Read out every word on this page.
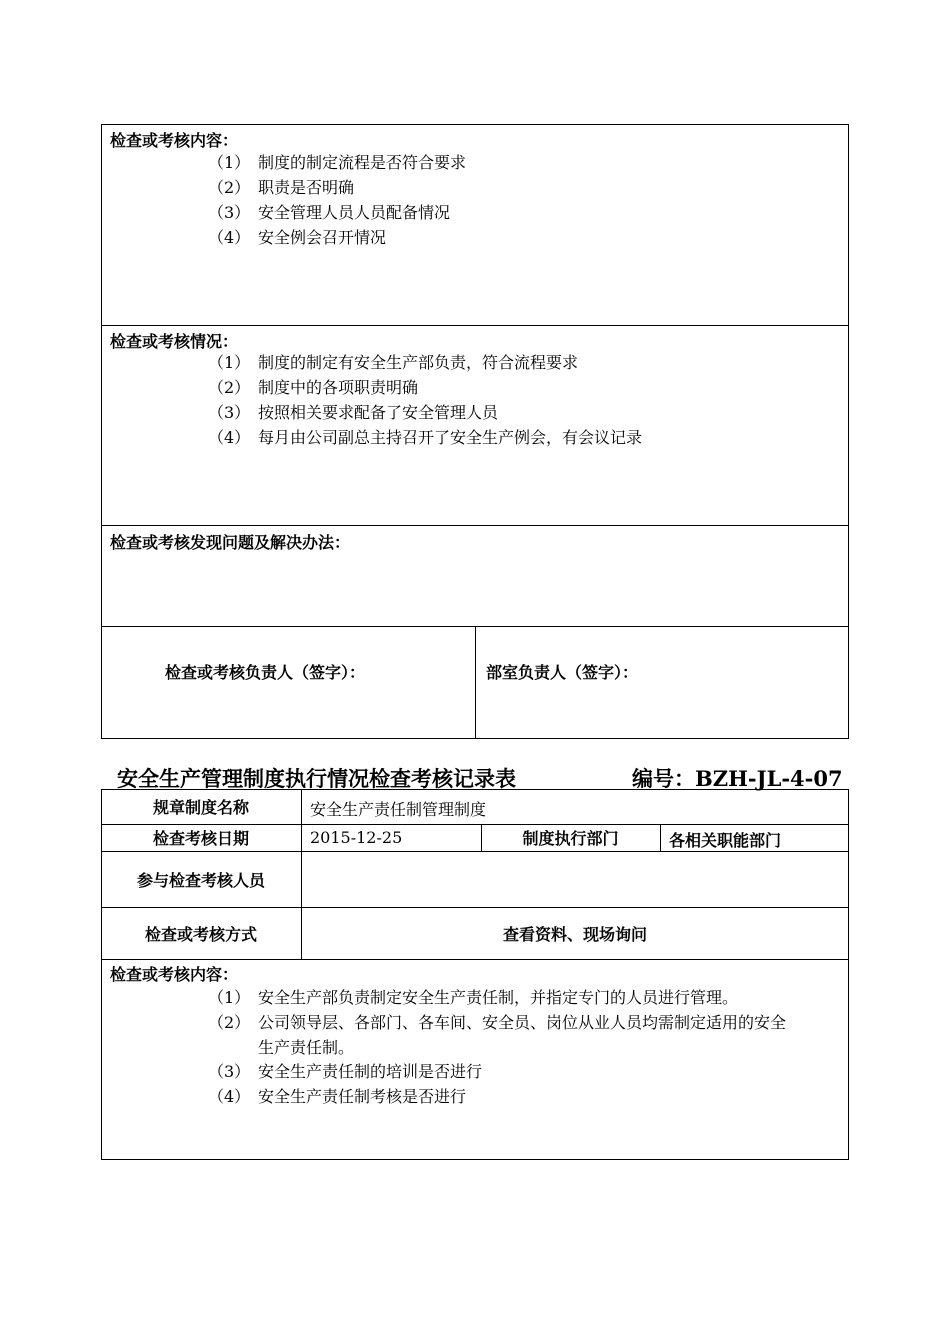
检查或考核内容：
（1） 制度的制定流程是否符合要求
（2） 职责是否明确
（3） 安全管理人员人员配备情况
（4） 安全例会召开情况
检查或考核情况：
（1） 制度的制定有安全生产部负责，符合流程要求
（2） 制度中的各项职责明确
（3） 按照相关要求配备了安全管理人员
（4） 每月由公司副总主持召开了安全生产例会，有会议记录
检查或考核发现问题及解决办法：
检查或考核负责人（签字）：	部室负责人（签字）：
安全生产管理制度执行情况检查考核记录表	编号：BZH-JL-4-07
规章制度名称	安全生产责任制管理制度
检查考核日期	2015-12-25	制度执行部门	各相关职能部门
参与检查考核人员
检查或考核方式	查看资料、现场询问
检查或考核内容：
（1） 安全生产部负责制定安全生产责任制，并指定专门的人员进行管理。
（2） 公司领导层、各部门、各车间、安全员、岗位从业人员均需制定适用的安全
生产责任制。
（3） 安全生产责任制的培训是否进行
（4） 安全生产责任制考核是否进行
